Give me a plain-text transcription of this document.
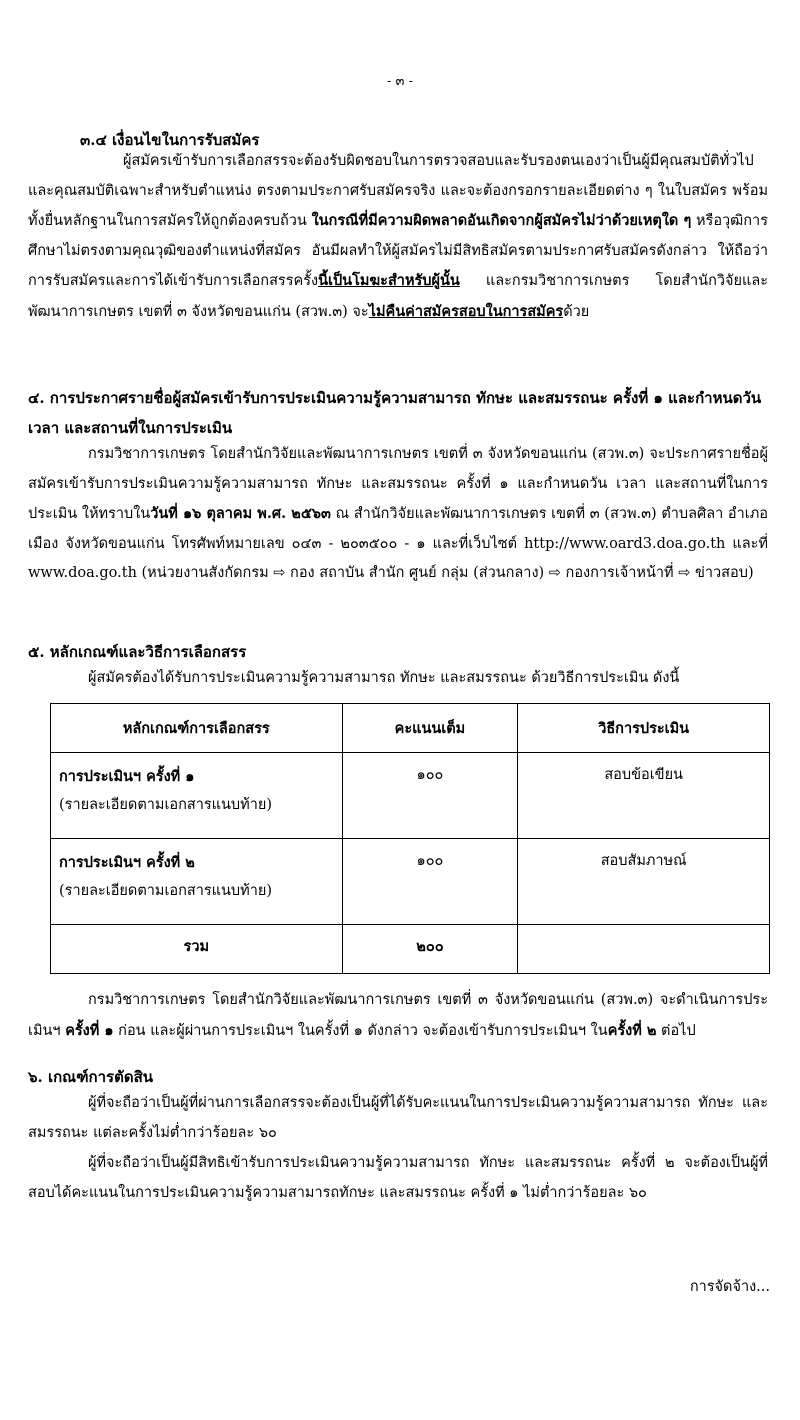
- ๓ -
๓.๔ เงื่อนไขในการรับสมัคร
ผู้สมัครเข้ารับการเลือกสรรจะต้องรับผิดชอบในการตรวจสอบและรับรองตนเองว่าเป็นผู้มีคุณสมบัติทั่วไปและคุณสมบัติเฉพาะสำหรับตำแหน่ง ตรงตามประกาศรับสมัครจริง และจะต้องกรอกรายละเอียดต่าง ๆ ในใบสมัคร พร้อมทั้งยื่นหลักฐานในการสมัครให้ถูกต้องครบถ้วน ในกรณีที่มีความผิดพลาดอันเกิดจากผู้สมัครไม่ว่าด้วยเหตุใด ๆ หรือวุฒิการศึกษาไม่ตรงตามคุณวุฒิของตำแหน่งที่สมัคร อันมีผลทำให้ผู้สมัครไม่มีสิทธิสมัครตามประกาศรับสมัครดังกล่าว ให้ถือว่าการรับสมัครและการได้เข้ารับการเลือกสรรครั้งนี้เป็นโมฆะสำหรับผู้นั้น และกรมวิชาการเกษตร โดยสำนักวิจัยและพัฒนาการเกษตร เขตที่ ๓ จังหวัดขอนแก่น (สวพ.๓) จะไม่คืนค่าสมัครสอบในการสมัครด้วย
๔. การประกาศรายชื่อผู้สมัครเข้ารับการประเมินความรู้ความสามารถ ทักษะ และสมรรถนะ ครั้งที่ ๑ และกำหนดวัน เวลา และสถานที่ในการประเมิน
กรมวิชาการเกษตร โดยสำนักวิจัยและพัฒนาการเกษตร เขตที่ ๓ จังหวัดขอนแก่น (สวพ.๓) จะประกาศรายชื่อผู้สมัครเข้ารับการประเมินความรู้ความสามารถ ทักษะ และสมรรถนะ ครั้งที่ ๑ และกำหนดวัน เวลา และสถานที่ในการประเมิน ให้ทราบในวันที่ ๑๖ ตุลาคม พ.ศ. ๒๕๖๓ ณ สำนักวิจัยและพัฒนาการเกษตร เขตที่ ๓ (สวพ.๓) ตำบลศิลา อำเภอเมือง จังหวัดขอนแก่น โทรศัพท์หมายเลข ๐๔๓ - ๒๐๓๕๐๐ - ๑ และที่เว็บไซต์ http://www.oard3.doa.go.th และที่ www.doa.go.th (หน่วยงานสังกัดกรม ⇨ กอง สถาบัน สำนัก ศูนย์ กลุ่ม (ส่วนกลาง) ⇨ กองการเจ้าหน้าที่ ⇨ ข่าวสอบ)
๕. หลักเกณฑ์และวิธีการเลือกสรร
ผู้สมัครต้องได้รับการประเมินความรู้ความสามารถ ทักษะ และสมรรถนะ ด้วยวิธีการประเมิน ดังนี้
หลักเกณฑ์การเลือกสรร	คะแนนเต็ม	วิธีการประเมิน

การประเมินฯ ครั้งที่ ๑
(รายละเอียดตามเอกสารแนบท้าย)	๑๐๐	สอบข้อเขียน

การประเมินฯ ครั้งที่ ๒
(รายละเอียดตามเอกสารแนบท้าย)	๑๐๐	สอบสัมภาษณ์
รวม	๒๐๐	
กรมวิชาการเกษตร โดยสำนักวิจัยและพัฒนาการเกษตร เขตที่ ๓ จังหวัดขอนแก่น (สวพ.๓) จะดำเนินการประเมินฯ ครั้งที่ ๑ ก่อน และผู้ผ่านการประเมินฯ ในครั้งที่ ๑ ดังกล่าว จะต้องเข้ารับการประเมินฯ ในครั้งที่ ๒ ต่อไป
๖. เกณฑ์การตัดสิน
ผู้ที่จะถือว่าเป็นผู้ที่ผ่านการเลือกสรรจะต้องเป็นผู้ที่ได้รับคะแนนในการประเมินความรู้ความสามารถ ทักษะ และสมรรถนะ แต่ละครั้งไม่ต่ำกว่าร้อยละ ๖๐
ผู้ที่จะถือว่าเป็นผู้มีสิทธิเข้ารับการประเมินความรู้ความสามารถ ทักษะ และสมรรถนะ ครั้งที่ ๒ จะต้องเป็นผู้ที่สอบได้คะแนนในการประเมินความรู้ความสามารถทักษะ และสมรรถนะ ครั้งที่ ๑ ไม่ต่ำกว่าร้อยละ ๖๐
การจัดจ้าง...
